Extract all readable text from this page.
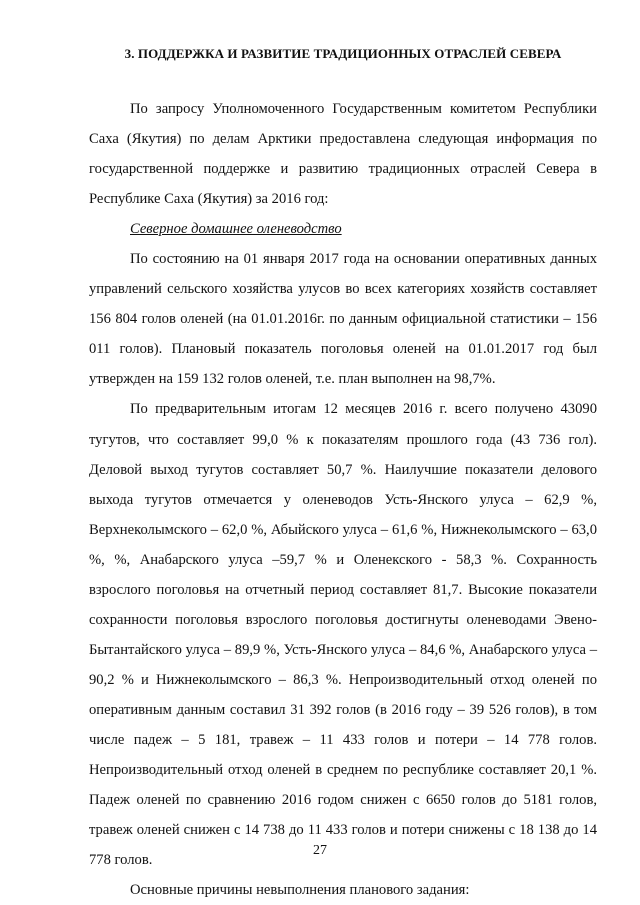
3. ПОДДЕРЖКА И РАЗВИТИЕ ТРАДИЦИОННЫХ ОТРАСЛЕЙ СЕВЕРА

По запросу Уполномоченного Государственным комитетом Республики Саха (Якутия) по делам Арктики предоставлена следующая информация по государственной поддержке и развитию традиционных отраслей Севера в Республике Саха (Якутия) за 2016 год:

Северное домашнее оленеводство

По состоянию на 01 января 2017 года на основании оперативных данных управлений сельского хозяйства улусов во всех категориях хозяйств составляет 156 804 голов оленей (на 01.01.2016г. по данным официальной статистики – 156 011 голов). Плановый показатель поголовья оленей на 01.01.2017 год был утвержден на 159 132 голов оленей, т.е. план выполнен на 98,7%.

По предварительным итогам 12 месяцев 2016 г. всего получено 43090 тугутов, что составляет 99,0 % к показателям прошлого года (43 736 гол). Деловой выход тугутов составляет 50,7 %. Наилучшие показатели делового выхода тугутов отмечается у оленеводов Усть-Янского улуса – 62,9 %, Верхнеколымского – 62,0 %, Абыйского улуса – 61,6 %, Нижнеколымского – 63,0 %, %, Анабарского улуса –59,7 % и Оленекского - 58,3 %. Сохранность взрослого поголовья на отчетный период составляет 81,7. Высокие показатели сохранности поголовья взрослого поголовья достигнуты оленеводами Эвено-Бытантайского улуса – 89,9 %, Усть-Янского улуса – 84,6 %, Анабарского улуса – 90,2 % и Нижнеколымского – 86,3 %. Непроизводительный отход оленей по оперативным данным составил 31 392 голов (в 2016 году – 39 526 голов), в том числе падеж – 5 181, травеж – 11 433 голов и потери – 14 778 голов. Непроизводительный отход оленей в среднем по республике составляет 20,1 %. Падеж оленей по сравнению 2016 годом снижен с 6650 голов до 5181 голов, травеж оленей снижен с 14 738 до 11 433 голов и потери снижены с 18 138 до 14 778 голов.

Основные причины невыполнения планового задания:

27
